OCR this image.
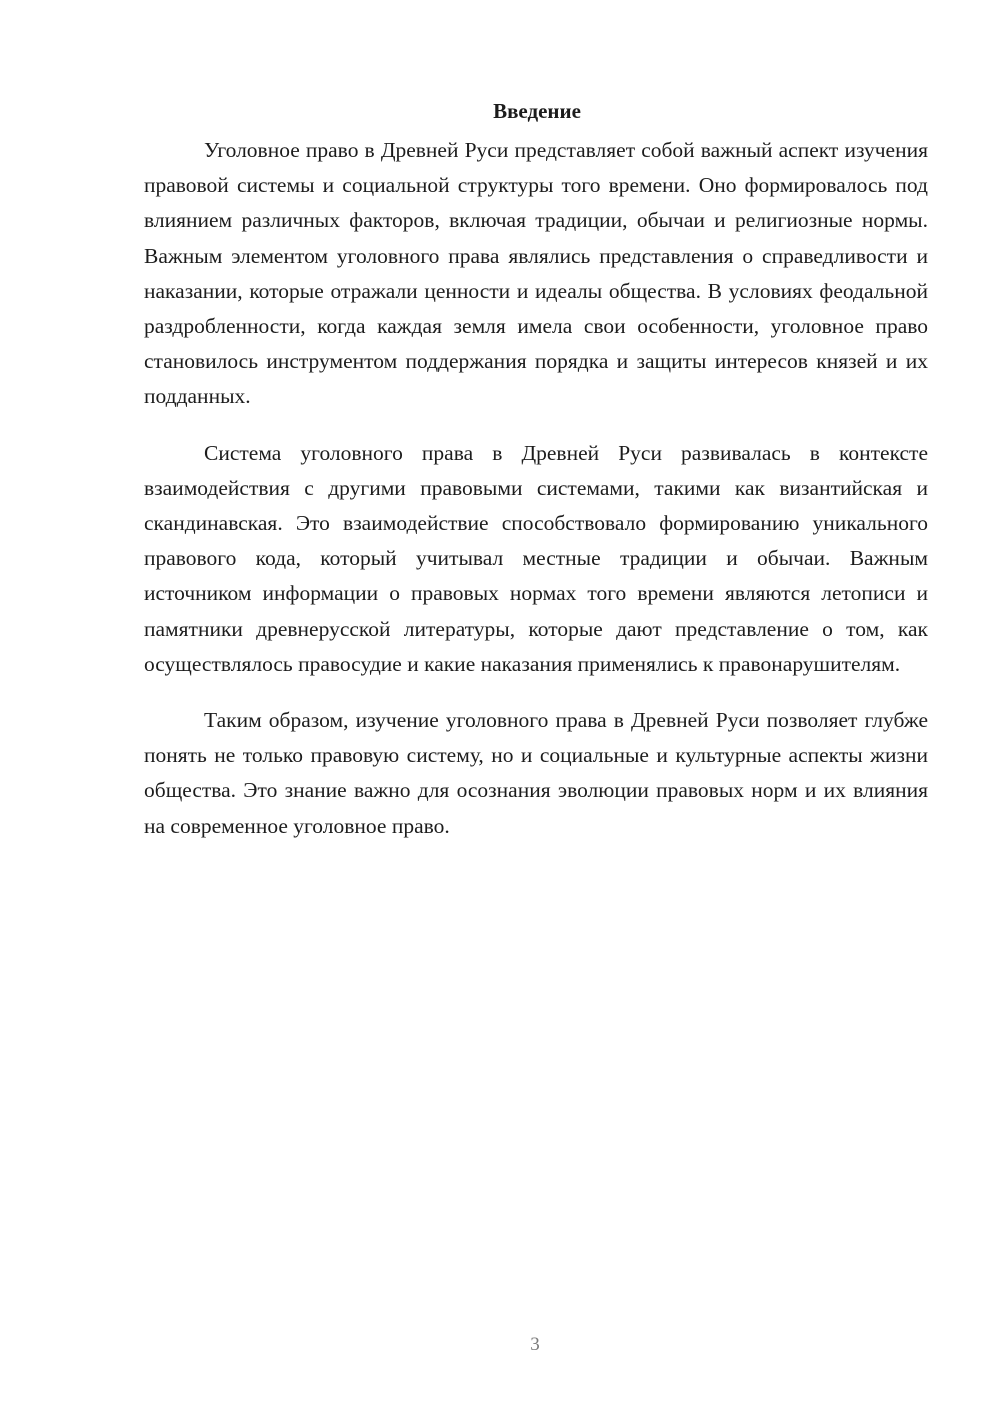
Введение

Уголовное право в Древней Руси представляет собой важный аспект изучения правовой системы и социальной структуры того времени. Оно формировалось под влиянием различных факторов, включая традиции, обычаи и религиозные нормы. Важным элементом уголовного права являлись представления о справедливости и наказании, которые отражали ценности и идеалы общества. В условиях феодальной раздробленности, когда каждая земля имела свои особенности, уголовное право становилось инструментом поддержания порядка и защиты интересов князей и их подданных.

Система уголовного права в Древней Руси развивалась в контексте взаимодействия с другими правовыми системами, такими как византийская и скандинавская. Это взаимодействие способствовало формированию уникального правового кода, который учитывал местные традиции и обычаи. Важным источником информации о правовых нормах того времени являются летописи и памятники древнерусской литературы, которые дают представление о том, как осуществлялось правосудие и какие наказания применялись к правонарушителям.

Таким образом, изучение уголовного права в Древней Руси позволяет глубже понять не только правовую систему, но и социальные и культурные аспекты жизни общества. Это знание важно для осознания эволюции правовых норм и их влияния на современное уголовное право.

3
